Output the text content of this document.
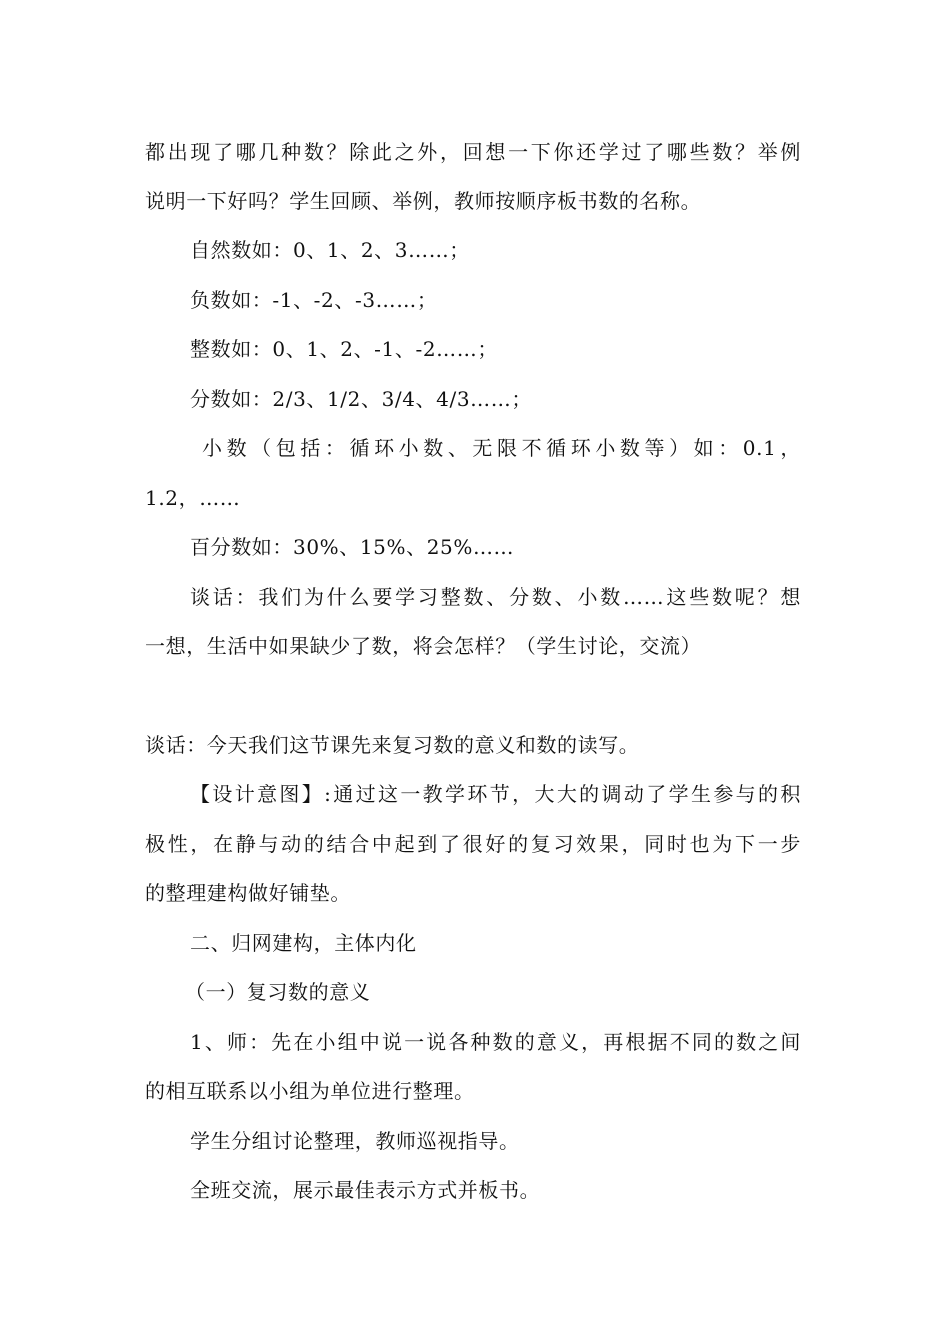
都出现了哪几种数？除此之外，回想一下你还学过了哪些数？举例
说明一下好吗？学生回顾、举例，教师按顺序板书数的名称。
自然数如：0、1、2、3……；
负数如：-1、-2、-3……；
整数如：0、1、2、-1、-2……；
分数如：2/3、1/2、3/4、4/3……；
小数（包括：循环小数、无限不循环小数等）如：0.1，
1.2，……
百分数如：30%、15%、25%……
谈话：我们为什么要学习整数、分数、小数……这些数呢？想
一想，生活中如果缺少了数，将会怎样？（学生讨论，交流）
谈话：今天我们这节课先来复习数的意义和数的读写。
【设计意图】:通过这一教学环节，大大的调动了学生参与的积
极性，在静与动的结合中起到了很好的复习效果，同时也为下一步
的整理建构做好铺垫。
二、归网建构，主体内化
（一）复习数的意义
1、师：先在小组中说一说各种数的意义，再根据不同的数之间
的相互联系以小组为单位进行整理。
学生分组讨论整理，教师巡视指导。
全班交流，展示最佳表示方式并板书。
